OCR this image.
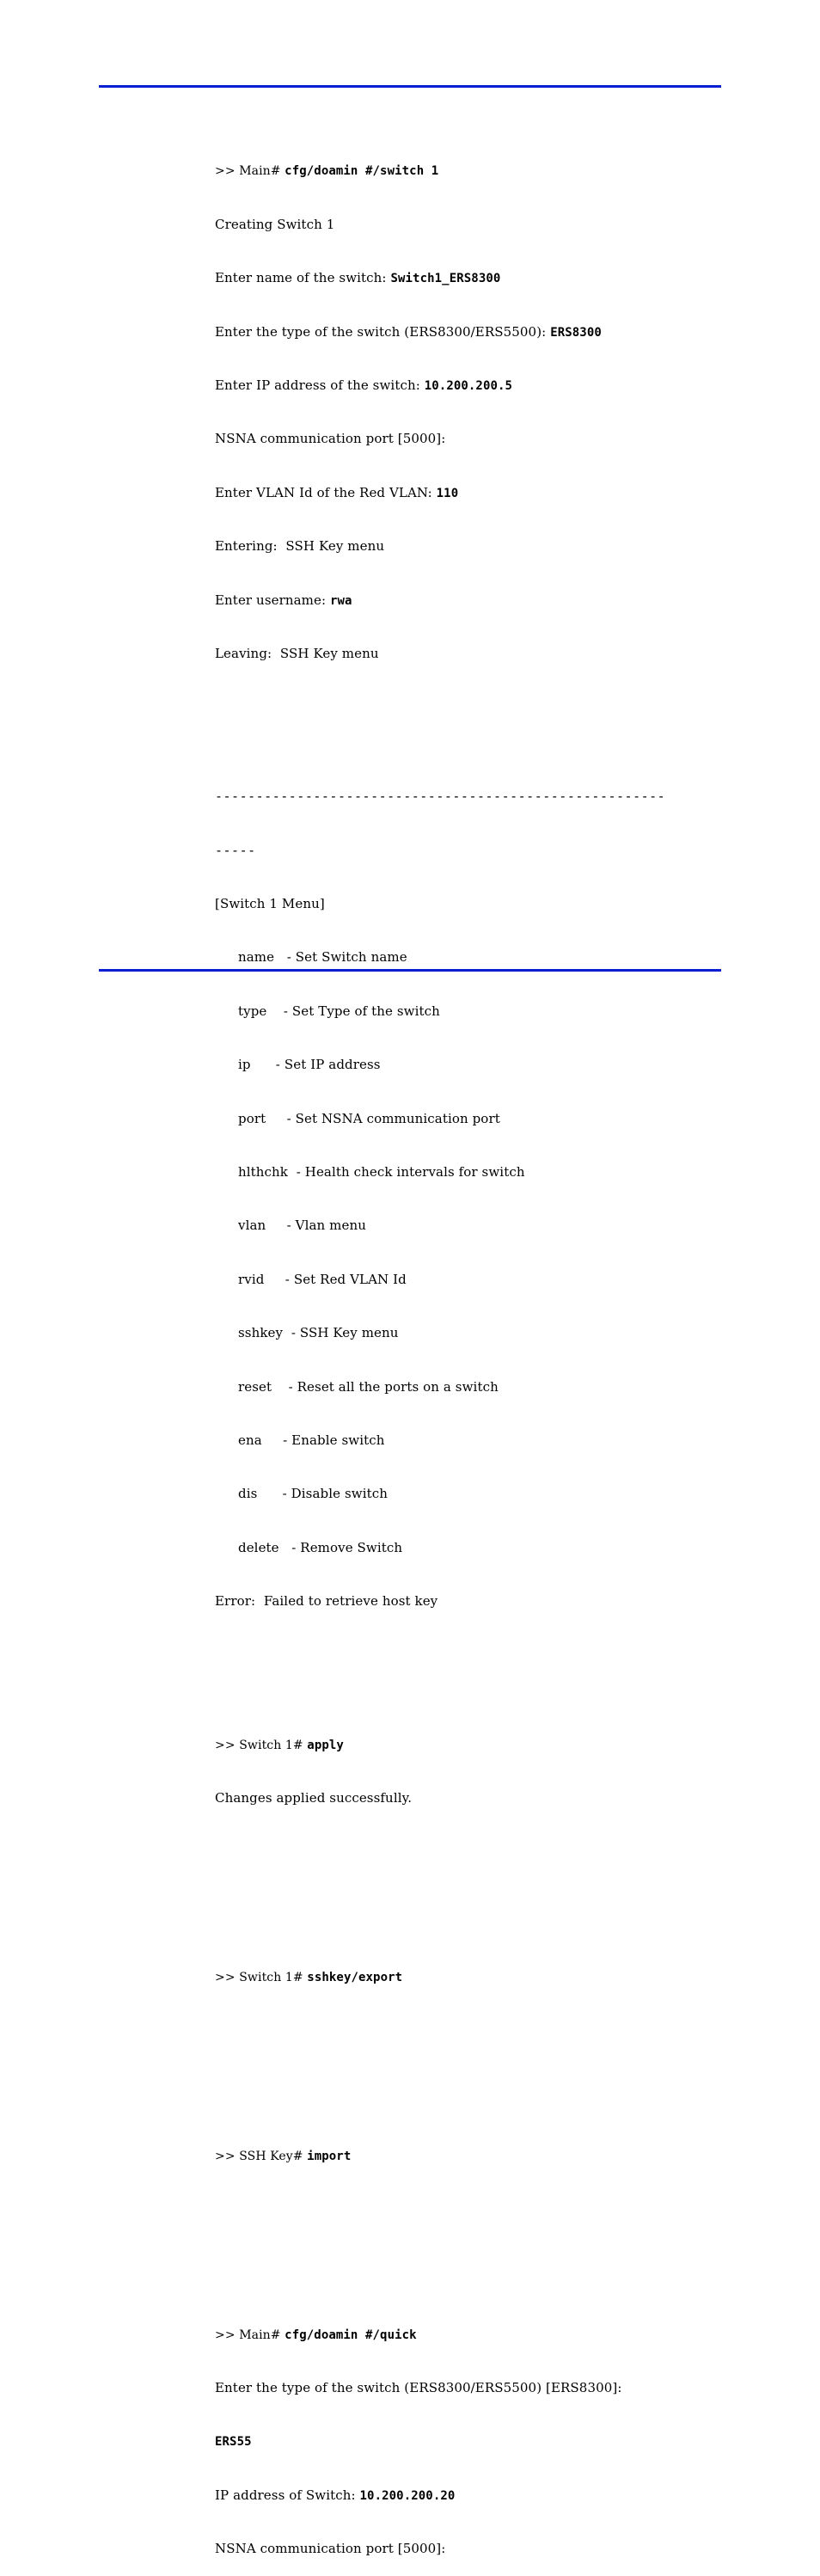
>> Main# cfg/doamin #/switch 1

Creating Switch 1

Enter name of the switch: Switch1_ERS8300

Enter the type of the switch (ERS8300/ERS5500): ERS8300

Enter IP address of the switch: 10.200.200.5

NSNA communication port [5000]:

Enter VLAN Id of the Red VLAN: 110

Entering:  SSH Key menu

Enter username: rwa

Leaving:  SSH Key menu

-------------------------------------------------------

-----

[Switch 1 Menu]

name   - Set Switch name

type    - Set Type of the switch

ip      - Set IP address

port     - Set NSNA communication port

hlthchk  - Health check intervals for switch

vlan     - Vlan menu

rvid     - Set Red VLAN Id

sshkey  - SSH Key menu

reset    - Reset all the ports on a switch

ena     - Enable switch

dis      - Disable switch

delete   - Remove Switch

Error:  Failed to retrieve host key

>> Switch 1# apply

Changes applied successfully.

>> Switch 1# sshkey/export

>> SSH Key# import

>> Main# cfg/doamin #/quick

Enter the type of the switch (ERS8300/ERS5500) [ERS8300]:

ERS55

IP address of Switch: 10.200.200.20

NSNA communication port [5000]:
